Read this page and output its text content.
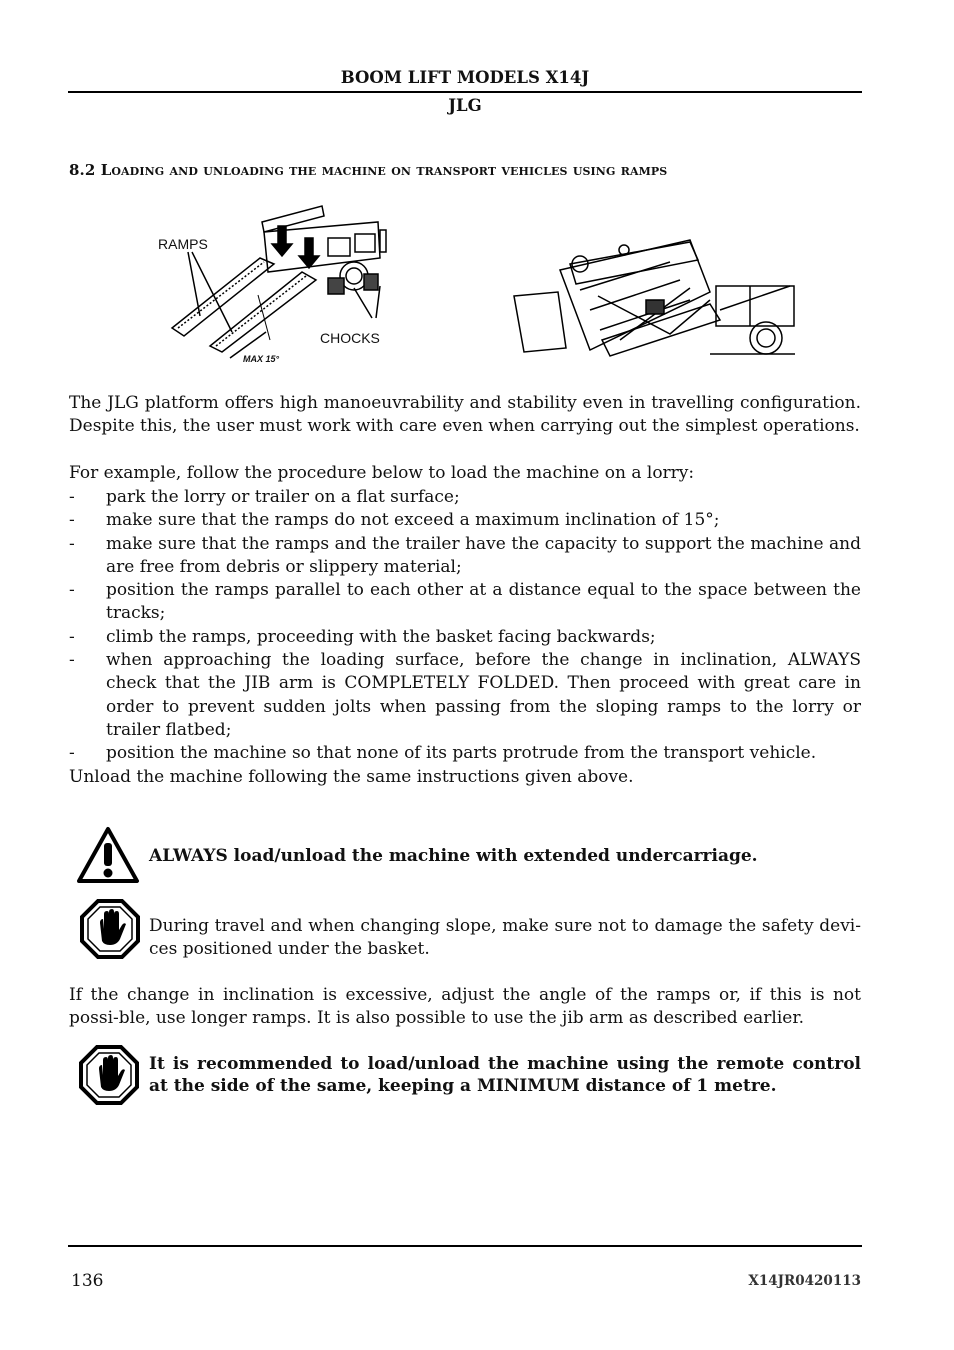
BOOM LIFT MODELS X14J
JLG
8.2 Loading and unloading the machine on transport vehicles using ramps
RAMPS
CHOCKS
MAX 15°
The JLG platform offers high manoeuvrability and stability even in travelling configuration. Despite this, the user must work with care even when carrying out the simplest operations.
For example, follow the procedure below to load the machine on a lorry:
- park the lorry or trailer on a flat surface;
- make sure that the ramps do not exceed a maximum inclination of 15°;
- make sure that the ramps and the trailer have the capacity to support the machine and are free from debris or slippery material;
- position the ramps parallel to each other at a distance equal to the space between the tracks;
- climb the ramps, proceeding with the basket facing backwards;
- when approaching the loading surface, before the change in inclination, ALWAYS check that the JIB arm is COMPLETELY FOLDED. Then proceed with great care in order to prevent sudden jolts when passing from the sloping ramps to the lorry or trailer flatbed;
- position the machine so that none of its parts protrude from the transport vehicle.
Unload the machine following the same instructions given above.
ALWAYS load/unload the machine with extended undercarriage.
During travel and when changing slope, make sure not to damage the safety devi-ces positioned under the basket.
If the change in inclination is excessive, adjust the angle of the ramps or, if this is not possi-ble, use longer ramps. It is also possible to use the jib arm as described earlier.
It is recommended to load/unload the machine using the remote control at the side of the same, keeping a MINIMUM distance of 1 metre.
136	X14JR0420113
